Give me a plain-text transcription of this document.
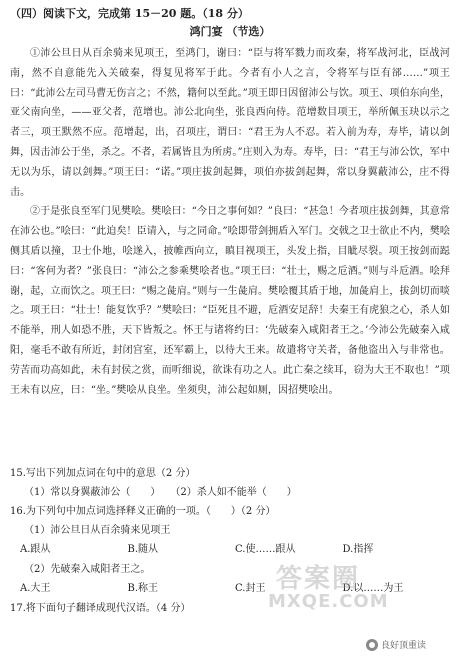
（四）阅读下文，完成第 15－20 题。（18 分）
鸿门宴 （节选）

①沛公旦日从百余骑来见项王，至鸿门，谢曰：“臣与将军戮力而攻秦，将军战河北，臣战河南，然不自意能先入关破秦，得复见将军于此。今者有小人之言，令将军与臣有郤……”项王曰：“此沛公左司马曹无伤言之；不然，籍何以至此。”项王即日因留沛公与饮。项王、项伯东向坐，亚父南向坐，——亚父者，范增也。沛公北向坐，张良西向侍。范增数目项王，举所佩玉玦以示之者三，项王默然不应。范增起，出，召项庄，谓曰：“君王为人不忍。若入前为寿，寿毕，请以剑舞，因击沛公于坐，杀之。不者，若属皆且为所虏。”庄则入为寿。寿毕，曰：“君王与沛公饮，军中无以为乐，请以剑舞。”项王曰：“诺。”项庄拔剑起舞，项伯亦拔剑起舞，常以身翼蔽沛公，庄不得击。

②于是张良至军门见樊哙。樊哙曰：“今日之事何如？”良曰：“甚急！今者项庄拔剑舞，其意常在沛公也。”哙曰：“此迫矣！臣请入，与之同命。”哙即带剑拥盾入军门。交戟之卫士欲止不内，樊哙侧其盾以撞，卫士仆地，哙遂入，披帷西向立，瞋目视项王，头发上指，目眦尽裂。项王按剑而跽曰：“客何为者？”张良曰：“沛公之参乘樊哙者也。”项王曰：“壮士，赐之卮酒。”则与斗卮酒。哙拜谢，起，立而饮之。项王曰：“赐之彘肩。”则与一生彘肩。樊哙覆其盾于地，加彘肩上，拔剑切而啖之。项王曰：“壮士！能复饮乎？”樊哙曰：“臣死且不避，卮酒安足辞！夫秦王有虎狼之心，杀人如不能举，刑人如恐不胜，天下皆叛之。怀王与诸将约曰：‘先破秦入咸阳者王之。’今沛公先破秦入咸阳，毫毛不敢有所近，封闭宫室，还军霸上，以待大王来。故遣将守关者，备他盗出入与非常也。劳苦而功高如此，未有封侯之赏，而听细说，欲诛有功之人。此亡秦之续耳，窃为大王不取也！”项王未有以应，曰：“坐。”樊哙从良坐。坐须臾，沛公起如厕，因招樊哙出。

15.写出下列加点词在句中的意思（2 分）

（1）常以身翼蔽沛公（　　）　　（2）杀人如不能举（　　）

16.为下列句中加点词选择释义正确的一项。（　　）（2 分）

（1）沛公旦日从百余骑来见项王

A.跟从	B.随从	C.使……跟从	D.指挥

（2）先破秦入咸阳者王之。

A.大王	B.称王	C.封王	D.以……为王

17.将下面句子翻译成现代汉语。（4 分）

答案圈
MXQE.COM
良好顶重读
